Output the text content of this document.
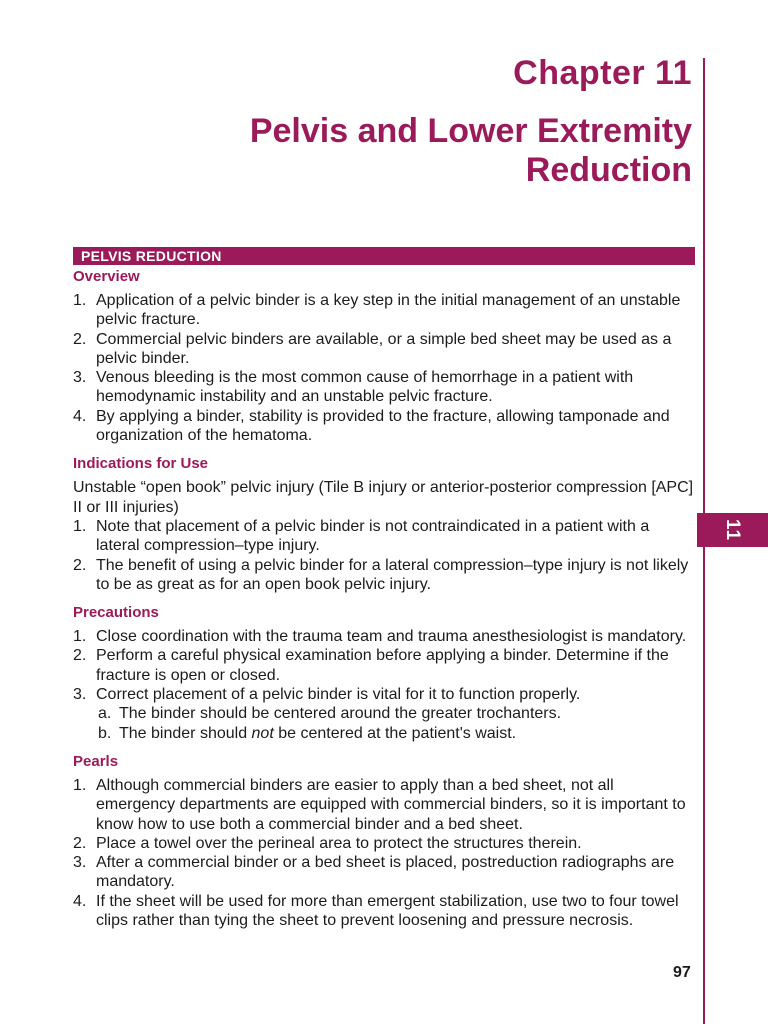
11
Chapter 11
Pelvis and Lower Extremity Reduction
PELVIS REDUCTION
Overview
1. Application of a pelvic binder is a key step in the initial management of an unstable pelvic fracture.
2. Commercial pelvic binders are available, or a simple bed sheet may be used as a pelvic binder.
3. Venous bleeding is the most common cause of hemorrhage in a patient with hemodynamic instability and an unstable pelvic fracture.
4. By applying a binder, stability is provided to the fracture, allowing tamponade and organization of the hematoma.
Indications for Use

Unstable “open book” pelvic injury (Tile B injury or anterior-posterior compression [APC] II or III injuries)

1. Note that placement of a pelvic binder is not contraindicated in a patient with a lateral compression–type injury.
2. The benefit of using a pelvic binder for a lateral compression–type injury is not likely to be as great as for an open book pelvic injury.
Precautions
1. Close coordination with the trauma team and trauma anesthesiologist is mandatory.
2. Perform a careful physical examination before applying a binder. Determine if the fracture is open or closed.
3. Correct placement of a pelvic binder is vital for it to function properly.
a. The binder should be centered around the greater trochanters.
b. The binder should not be centered at the patient's waist.
Pearls
1. Although commercial binders are easier to apply than a bed sheet, not all emergency departments are equipped with commercial binders, so it is important to know how to use both a commercial binder and a bed sheet.
2. Place a towel over the perineal area to protect the structures therein.
3. After a commercial binder or a bed sheet is placed, postreduction radiographs are mandatory.
4. If the sheet will be used for more than emergent stabilization, use two to four towel clips rather than tying the sheet to prevent loosening and pressure necrosis.

97
